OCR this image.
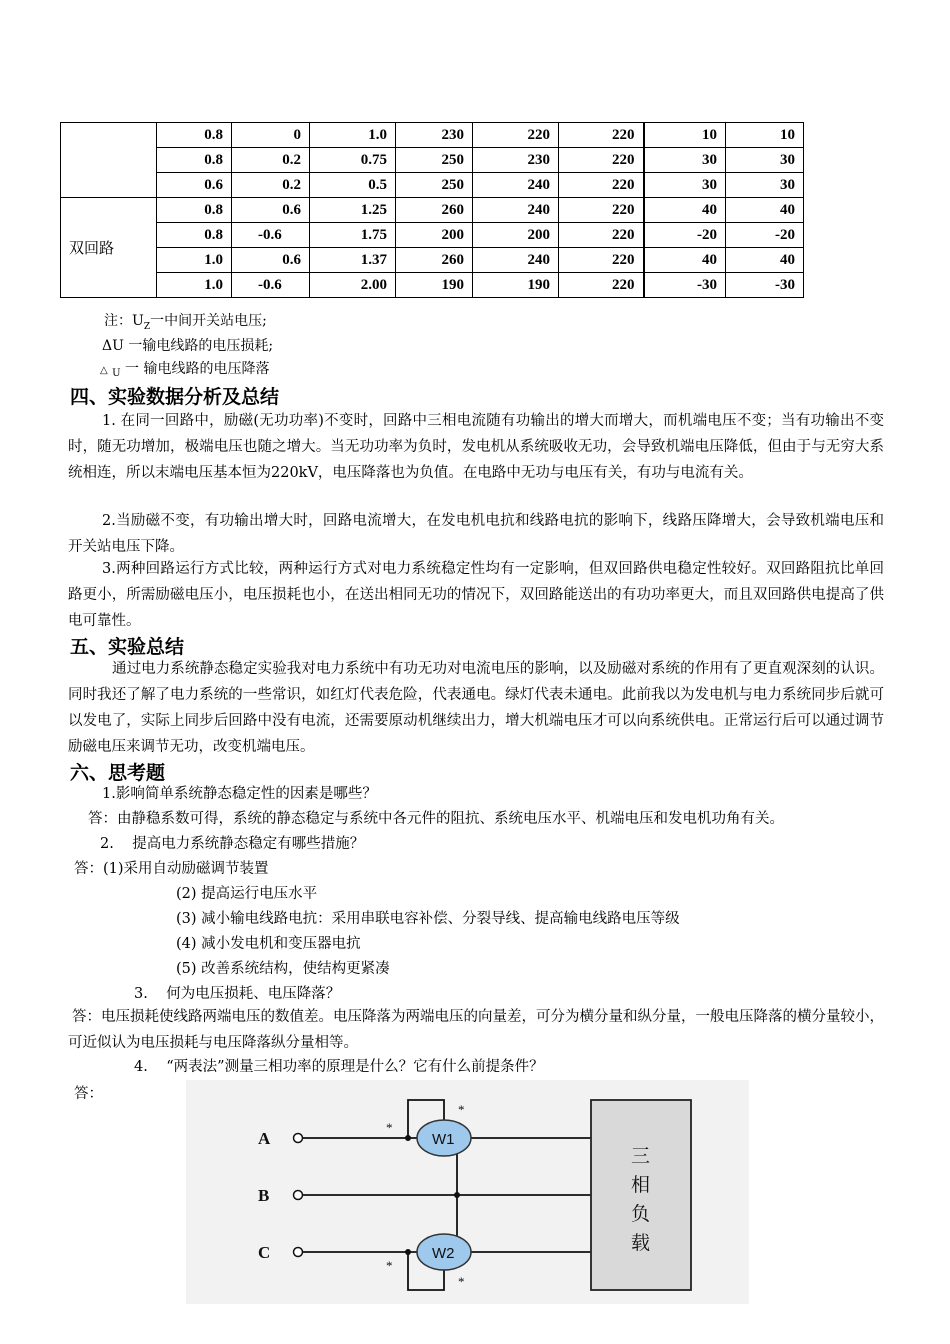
	0.8	0	1.0	230	220	220	10	10
	0.8	0.2	0.75	250	230	220	30	30
	0.6	0.2	0.5	250	240	220	30	30
双回路	0.8	0.6	1.25	260	240	220	40	40
	0.8	-0.6	1.75	200	200	220	-20	-20
	1.0	0.6	1.37	260	240	220	40	40
	1.0	-0.6	2.00	190	190	220	-30	-30
注：$U_Z$一中间开关站电压;
ΔU 一输电线路的电压损耗;
△ $_U$ 一 输电线路的电压降落
四、实验数据分析及总结
1. 在同一回路中，励磁(无功功率)不变时，回路中三相电流随有功输出的增大而增大，而机端电压不变；当有功输出不变时，随无功增加，极端电压也随之增大。当无功功率为负时，发电机从系统吸收无功，会导致机端电压降低，但由于与无穷大系统相连，所以末端电压基本恒为220kV，电压降落也为负值。在电路中无功与电压有关，有功与电流有关。
2.当励磁不变，有功输出增大时，回路电流增大，在发电机电抗和线路电抗的影响下，线路压降增大，会导致机端电压和开关站电压下降。
3.两种回路运行方式比较，两种运行方式对电力系统稳定性均有一定影响，但双回路供电稳定性较好。双回路阻抗比单回路更小，所需励磁电压小，电压损耗也小，在送出相同无功的情况下，双回路能送出的有功功率更大，而且双回路供电提高了供电可靠性。
五、实验总结
通过电力系统静态稳定实验我对电力系统中有功无功对电流电压的影响，以及励磁对系统的作用有了更直观深刻的认识。同时我还了解了电力系统的一些常识，如红灯代表危险，代表通电。绿灯代表未通电。此前我以为发电机与电力系统同步后就可以发电了，实际上同步后回路中没有电流，还需要原动机继续出力，增大机端电压才可以向系统供电。正常运行后可以通过调节励磁电压来调节无功，改变机端电压。
六、思考题
1.影响简单系统静态稳定性的因素是哪些？
答：由静稳系数可得，系统的静态稳定与系统中各元件的阻抗、系统电压水平、机端电压和发电机功角有关。
2.    提高电力系统静态稳定有哪些措施？
答：(1)采用自动励磁调节装置
(2) 提高运行电压水平
(3) 减小输电线路电抗：采用串联电容补偿、分裂导线、提高输电线路电压等级
(4) 减小发电机和变压器电抗
(5) 改善系统结构，使结构更紧凑
3.    何为电压损耗、电压降落？
答：电压损耗使线路两端电压的数值差。电压降落为两端电压的向量差，可分为横分量和纵分量，一般电压降落的横分量较小，可近似认为电压损耗与电压降落纵分量相等。
4.    “两表法”测量三相功率的原理是什么？它有什么前提条件？
答：
A
B
C
W1
W2
*
*
*
*
三
相
负
载
